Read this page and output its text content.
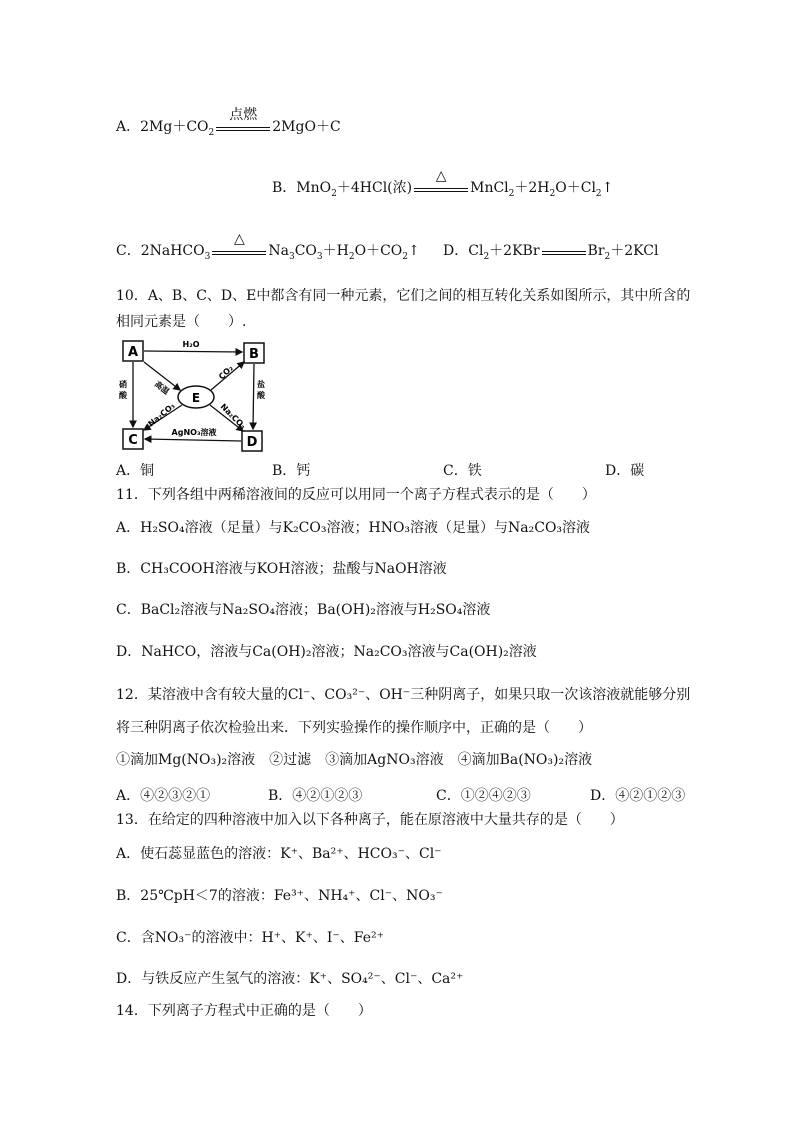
A．$2Mg+CO_2$
点燃
2MgO＋C
B．MnO$_2$＋4HCl(浓)
△
$MnCl_2+2H_2O+Cl_2↑$
C．2NaHCO$_3$
△
$Na_3CO_3+H_2O+CO_2↑$ D．$Cl_2+2KBr$	$Br_2+2KCl$
10．A、B、C、D、E中都含有同一种元素，它们之间的相互转化关系如图所示，其中所含的
相同元素是（　　）.
A	B
C	D
E
H₂O
硝酸
盐酸
AgNO₃溶液
高温
CO₂
Na₂CO₃	Na₂CO₃
A．铜	B．钙	C．铁	D．碳
11．下列各组中两稀溶液间的反应可以用同一个离子方程式表示的是（　　）
A．H₂SO₄溶液（足量）与K₂CO₃溶液；HNO₃溶液（足量）与Na₂CO₃溶液
B．CH₃COOH溶液与KOH溶液；盐酸与NaOH溶液
C．BaCl₂溶液与Na₂SO₄溶液；Ba(OH)₂溶液与H₂SO₄溶液
D．NaHCO，溶液与Ca(OH)₂溶液；Na₂CO₃溶液与Ca(OH)₂溶液
12．某溶液中含有较大量的Cl⁻、CO₃²⁻、OH⁻三种阴离子，如果只取一次该溶液就能够分别
将三种阴离子依次检验出来．下列实验操作的操作顺序中，正确的是（　　）
①滴加Mg(NO₃)₂溶液　②过滤　③滴加AgNO₃溶液　④滴加Ba(NO₃)₂溶液
A．④②③②①	B．④②①②③	C．①②④②③	D．④②①②③
13．在给定的四种溶液中加入以下各种离子，能在原溶液中大量共存的是（　　）
A．使石蕊显蓝色的溶液：K⁺、Ba²⁺、HCO₃⁻、Cl⁻
B．25℃pH＜7的溶液：Fe³⁺、NH₄⁺、Cl⁻、NO₃⁻
C．含NO₃⁻的溶液中：H⁺、K⁺、I⁻、Fe²⁺
D．与铁反应产生氢气的溶液：K⁺、SO₄²⁻、Cl⁻、Ca²⁺
14．下列离子方程式中正确的是（　　）
